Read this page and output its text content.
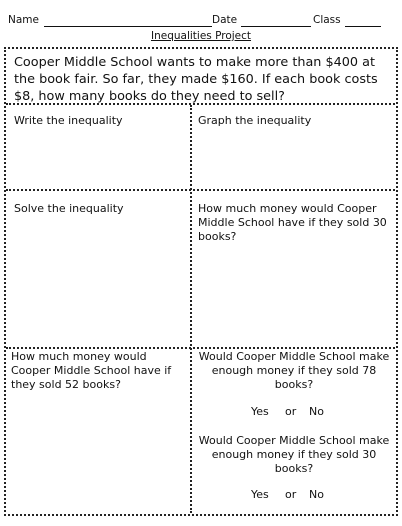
Name	Date	Class
Inequalities Project
Cooper Middle School wants to make more than $400 at the book fair. So far, they made $160. If each book costs $8, how many books do they need to sell?
Write the inequality	Graph the inequality
Solve the inequality	How much money would Cooper Middle School have if they sold 30 books?
How much money would Cooper Middle School have if they sold 52 books?
Would Cooper Middle School make enough money if they sold 78 books?
Yes or No
Would Cooper Middle School make enough money if they sold 30 books?
Yes or No
